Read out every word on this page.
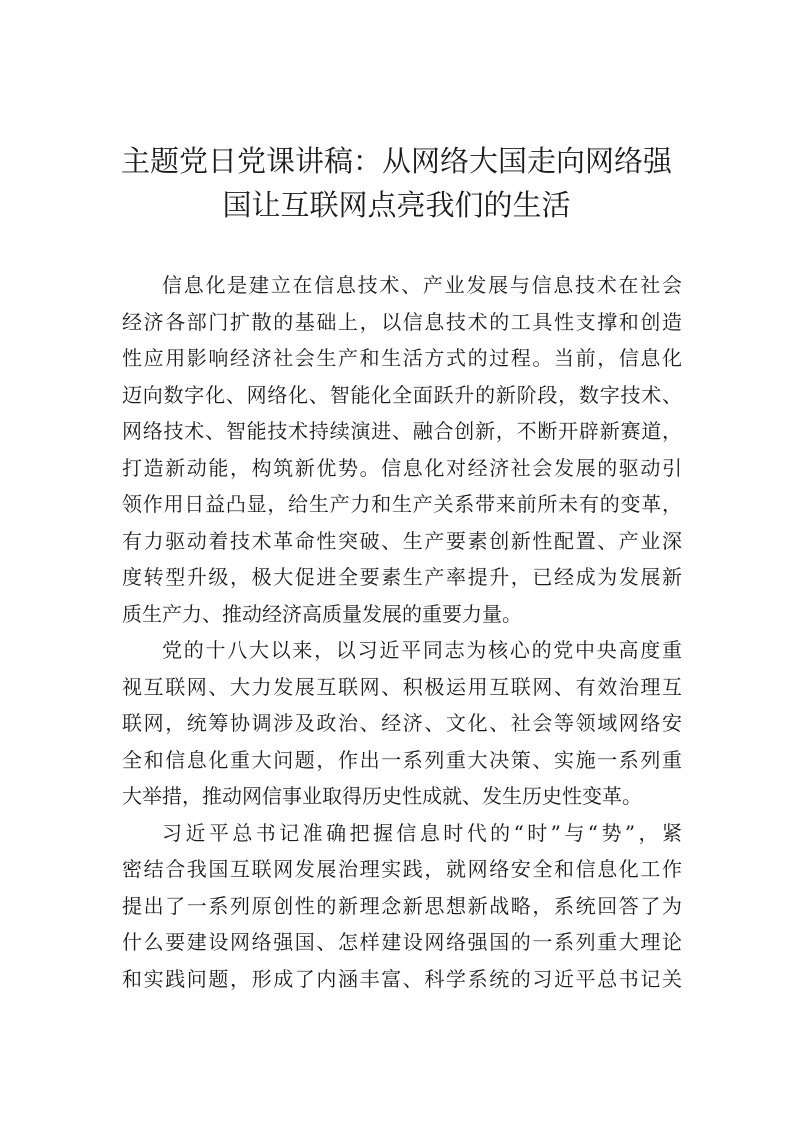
主题党日党课讲稿：从网络大国走向网络强
国让互联网点亮我们的生活
信息化是建立在信息技术、产业发展与信息技术在社会
经济各部门扩散的基础上，以信息技术的工具性支撑和创造
性应用影响经济社会生产和生活方式的过程。当前，信息化
迈向数字化、网络化、智能化全面跃升的新阶段，数字技术、
网络技术、智能技术持续演进、融合创新，不断开辟新赛道，
打造新动能，构筑新优势。信息化对经济社会发展的驱动引
领作用日益凸显，给生产力和生产关系带来前所未有的变革，
有力驱动着技术革命性突破、生产要素创新性配置、产业深
度转型升级，极大促进全要素生产率提升，已经成为发展新
质生产力、推动经济高质量发展的重要力量。
党的十八大以来，以习近平同志为核心的党中央高度重
视互联网、大力发展互联网、积极运用互联网、有效治理互
联网，统筹协调涉及政治、经济、文化、社会等领域网络安
全和信息化重大问题，作出一系列重大决策、实施一系列重
大举措，推动网信事业取得历史性成就、发生历史性变革。
习近平总书记准确把握信息时代的“时”与“势”，紧
密结合我国互联网发展治理实践，就网络安全和信息化工作
提出了一系列原创性的新理念新思想新战略，系统回答了为
什么要建设网络强国、怎样建设网络强国的一系列重大理论
和实践问题，形成了内涵丰富、科学系统的习近平总书记关
